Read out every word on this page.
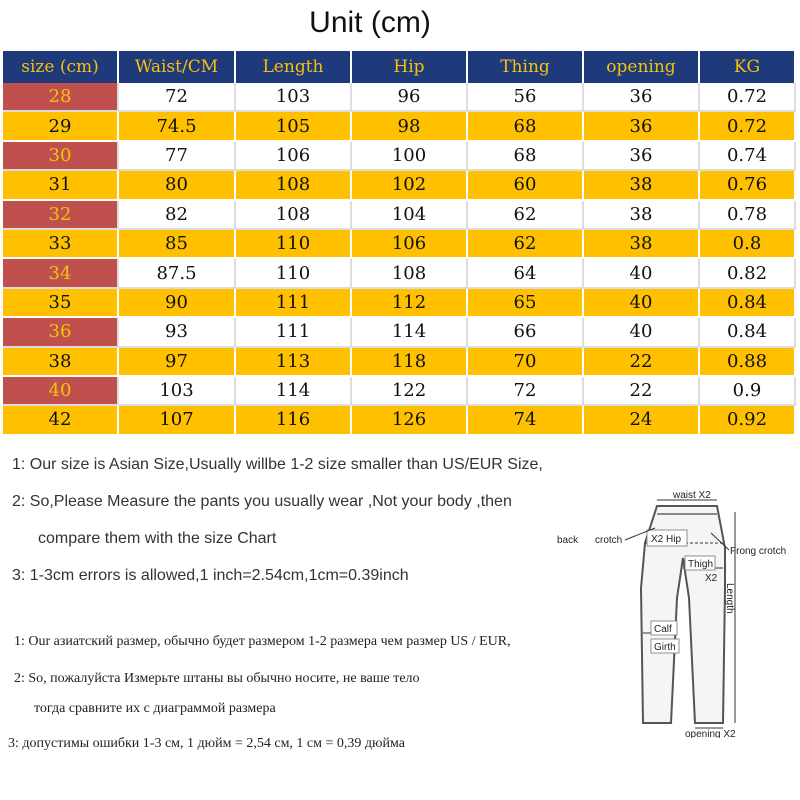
Unit (cm)
size (cm)	Waist/CM	Length	Hip	Thing	opening	KG
28	72	103	96	56	36	0.72
29	74.5	105	98	68	36	0.72
30	77	106	100	68	36	0.74
31	80	108	102	60	38	0.76
32	82	108	104	62	38	0.78
33	85	110	106	62	38	0.8
34	87.5	110	108	64	40	0.82
35	90	111	112	65	40	0.84
36	93	111	114	66	40	0.84
38	97	113	118	70	22	0.88
40	103	114	122	72	22	0.9
42	107	116	126	74	24	0.92
1: Our size is Asian Size,Usually willbe 1-2 size smaller than US/EUR Size,
2: So,Please Measure the pants you usually wear ,Not your body ,then
compare them with the size Chart
3: 1-3cm errors is allowed,1 inch=2.54cm,1cm=0.39inch
1: Our азиатский размер, обычно будет размером 1-2 размера чем размер US / EUR,
2: So, пожалуйста Измерьте штаны вы обычно носите, не ваше тело
тогда сравните их с диаграммой размера
3: допустимы ошибки 1-3 см, 1 дюйм = 2,54 см, 1 см = 0,39 дюйма
waist X2
X2 Hip
back crotch
Frong crotch
Thigh
X2
Length
Calf
Girth
opening X2
